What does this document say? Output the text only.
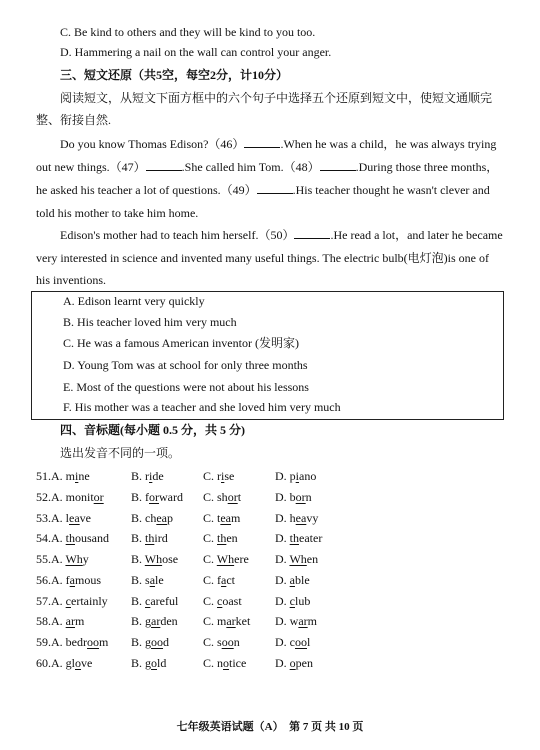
C. Be kind to others and they will be kind to you too.
D. Hammering a nail on the wall can control your anger.
三、短文还原（共5空，每空2分，计10分）
阅读短文，从短文下面方框中的六个句子中选择五个还原到短文中，使短文通顺完
整、衔接自然.
Do you know Thomas Edison?（46）	.When he was a child，he was always trying
out new things.（47）	.She called him Tom.（48）	.During those three months，
he asked his teacher a lot of questions.（49）	.His teacher thought he wasn't clever and
told his mother to take him home.
Edison's mother had to teach him herself.（50）	.He read a lot，and later he became
very interested in science and invented many useful things. The electric bulb(电灯泡)is one of
his inventions.
A. Edison learnt very quickly
B. His teacher loved him very much
C. He was a famous American inventor (发明家)
D. Young Tom was at school for only three months
E. Most of the questions were not about his lessons
F. His mother was a teacher and she loved him very much
四、音标题(每小题 0.5 分，共 5 分)
选出发音不同的一项。
51.A. mine	B. ride	C. rise	D. piano
52.A. monitor B. forward C. short	D. born
53.A. leave	B. cheap	C. team	D. heavy
54.A. thousand B. third	C. then	D. theater
55.A. Why	B. Whose C. Where D. When
56.A. famous B. sale	C. fact	D. able
57.A. certainly B. careful C. coast	D. club
58.A. arm	B. garden C. market D. warm
59.A. bedroom B. good	C. soon	D. cool
60.A. glove	B. gold	C. notice D. open
七年级英语试题（A）　第 7 页 共 10 页
